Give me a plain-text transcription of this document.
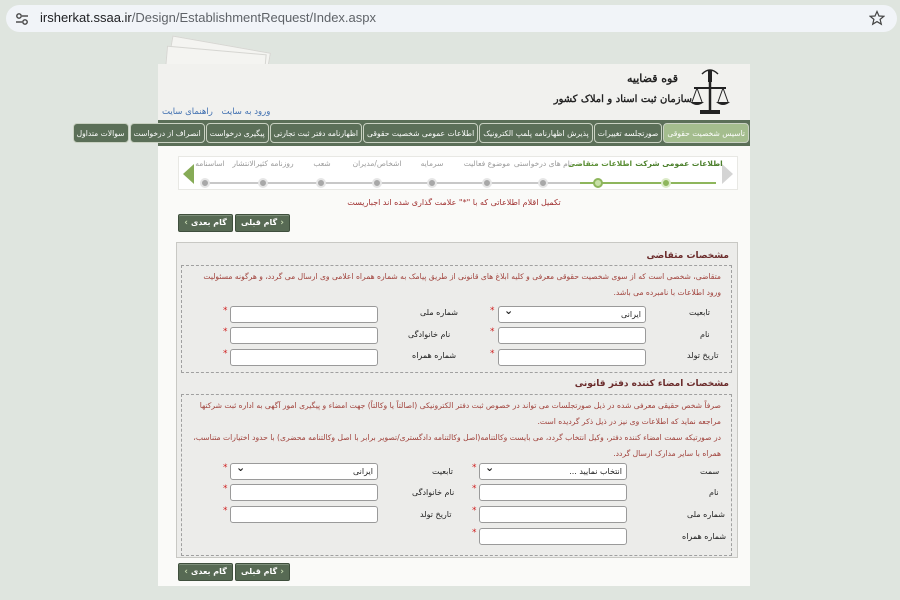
irsherkat.ssaa.ir/Design/EstablishmentRequest/Index.aspx
قوه قضاییه
سازمان ثبت اسناد و املاک کشور
ورود به سایت راهنمای سایت
تاسیس شخصیت حقوقیصورتجلسه تغییراتپذیرش اظهارنامه پلمپ الکترونیکاطلاعات عمومی شخصیت حقوقیاظهارنامه دفتر ثبت تجارتیپیگیری درخواستانصراف از درخواستسوالات متداول
اطلاعات عمومی شرکت
اطلاعات متقاضی
نام های درخواستی
موضوع فعالیت
سرمایه
اشخاص/مدیران
شعب
روزنامه کثیرالانتشار
اساسنامه
تکمیل اقلام اطلاعاتی که با "*" علامت گذاری شده اند اجباریست
‹ گام بعدی	گام قبلی ›
مشخصات متقاضی
متقاضی، شخصی است که از سوی شخصیت حقوقی معرفی و کلیه ابلاغ های قانونی از طریق پیامک به شماره همراه اعلامی وی ارسال می گردد، و هرگونه مسئولیت ورود اطلاعات با نامبرده می باشد.
تابعیت
*	ایرانی ⌄
شماره ملی
*
نام
*
نام خانوادگی
*
تاریخ تولد
*
شماره همراه
*
مشخصات امضاء کننده دفتر قانونی
صرفاً شخص حقیقی معرفی شده در ذیل صورتجلسات می تواند در خصوص ثبت دفتر الکترونیکی (اصالتاً یا وکالتاً) جهت امضاء و پیگیری امور آگهی به اداره ثبت شرکتها مراجعه نماید که اطلاعات وی نیز در ذیل ذکر گردیده است.
در صورتیکه سمت امضاء کننده دفتر، وکیل انتخاب گردد، می بایست وکالتنامه(اصل وکالتنامه دادگستری/تصویر برابر با اصل وکالتنامه محضری) با حدود اختیارات متناسب، همراه با سایر مدارک ارسال گردد.
سمت
*	انتخاب نمایید ... ⌄
تابعیت
*	ایرانی ⌄
نام
*
نام خانوادگی
*
شماره ملی
*
تاریخ تولد
*
شماره همراه
*
‹ گام بعدی	گام قبلی ›
